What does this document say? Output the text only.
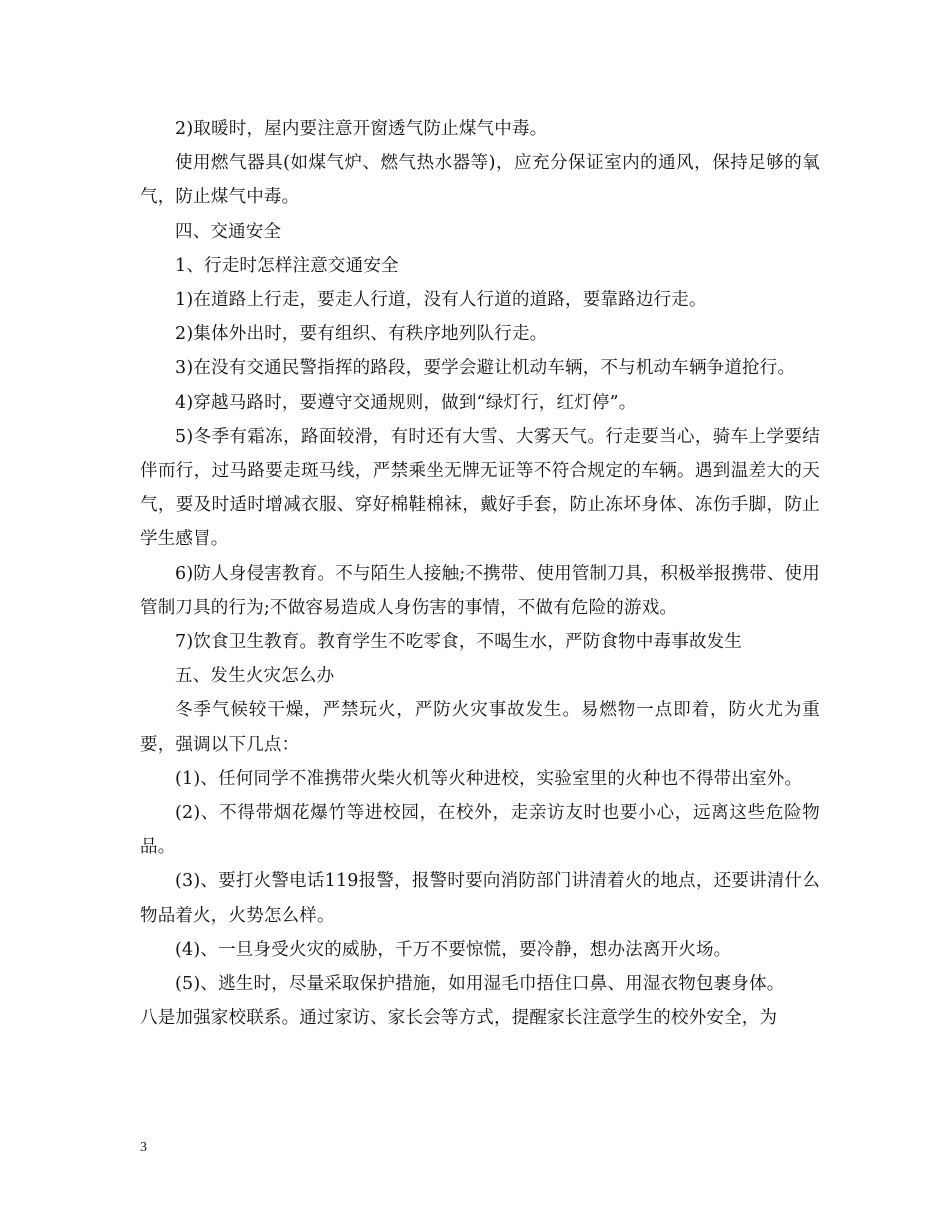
2)取暖时，屋内要注意开窗透气防止煤气中毒。

使用燃气器具(如煤气炉、燃气热水器等)，应充分保证室内的通风，保持足够的氧气，防止煤气中毒。

四、交通安全

1、行走时怎样注意交通安全

1)在道路上行走，要走人行道，没有人行道的道路，要靠路边行走。

2)集体外出时，要有组织、有秩序地列队行走。

3)在没有交通民警指挥的路段，要学会避让机动车辆，不与机动车辆争道抢行。

4)穿越马路时，要遵守交通规则，做到“绿灯行，红灯停”。

5)冬季有霜冻，路面较滑，有时还有大雪、大雾天气。行走要当心，骑车上学要结伴而行，过马路要走斑马线，严禁乘坐无牌无证等不符合规定的车辆。遇到温差大的天气，要及时适时增减衣服、穿好棉鞋棉袜，戴好手套，防止冻坏身体、冻伤手脚，防止学生感冒。

6)防人身侵害教育。不与陌生人接触;不携带、使用管制刀具，积极举报携带、使用管制刀具的行为;不做容易造成人身伤害的事情，不做有危险的游戏。

7)饮食卫生教育。教育学生不吃零食，不喝生水，严防食物中毒事故发生

五、发生火灾怎么办

冬季气候较干燥，严禁玩火，严防火灾事故发生。易燃物一点即着，防火尤为重要，强调以下几点：

(1)、任何同学不准携带火柴火机等火种进校，实验室里的火种也不得带出室外。

(2)、不得带烟花爆竹等进校园，在校外，走亲访友时也要小心，远离这些危险物品。

(3)、要打火警电话119报警，报警时要向消防部门讲清着火的地点，还要讲清什么物品着火，火势怎么样。

(4)、一旦身受火灾的威胁，千万不要惊慌，要冷静，想办法离开火场。

(5)、逃生时，尽量采取保护措施，如用湿毛巾捂住口鼻、用湿衣物包裹身体。

八是加强家校联系。通过家访、家长会等方式，提醒家长注意学生的校外安全，为

3
